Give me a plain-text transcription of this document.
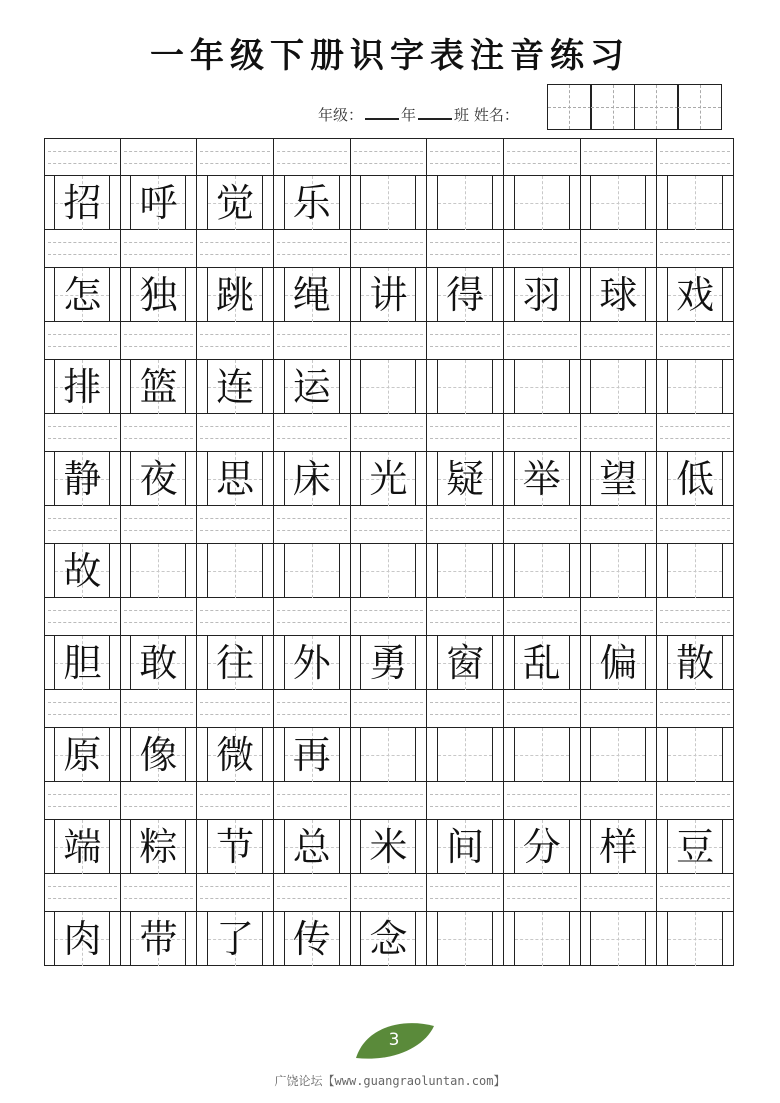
一年级下册识字表注音练习
年级：	年	班 姓名：
招 呼 觉 乐
怎 独 跳 绳 讲 得 羽 球 戏
排 篮 连 运
静 夜 思 床 光 疑 举 望 低
故
胆 敢 往 外 勇 窗 乱 偏 散
原 像 微 再
端 粽 节 总 米 间 分 样 豆
肉 带 了 传 念
3
广饶论坛【www.guangraoluntan.com】
